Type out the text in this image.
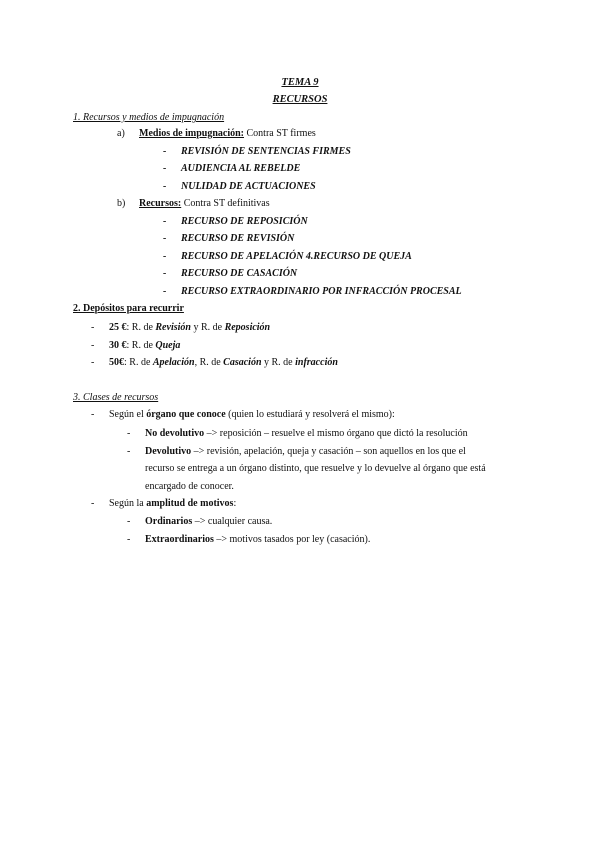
TEMA 9
RECURSOS
1. Recursos y medios de impugnación
a) Medios de impugnación: Contra ST firmes
- REVISIÓN DE SENTENCIAS FIRMES
- AUDIENCIA AL REBELDE
- NULIDAD DE ACTUACIONES
b) Recursos: Contra ST definitivas
- RECURSO DE REPOSICIÓN
- RECURSO DE REVISIÓN
- RECURSO DE APELACIÓN 4.RECURSO DE QUEJA
- RECURSO DE CASACIÓN
- RECURSO EXTRAORDINARIO POR INFRACCIÓN PROCESAL
2. Depósitos para recurrir
- 25 €: R. de Revisión y R. de Reposición
- 30 €: R. de Queja
- 50€: R. de Apelación, R. de Casación y R. de infracción
3. Clases de recursos
- Según el órgano que conoce (quien lo estudiará y resolverá el mismo):
- No devolutivo –> reposición – resuelve el mismo órgano que dictó la resolución
- Devolutivo –> revisión, apelación, queja y casación – son aquellos en los que el
recurso se entrega a un órgano distinto, que resuelve y lo devuelve al órgano que está
encargado de conocer.
- Según la amplitud de motivos:
- Ordinarios –> cualquier causa.
- Extraordinarios –> motivos tasados por ley (casación).
